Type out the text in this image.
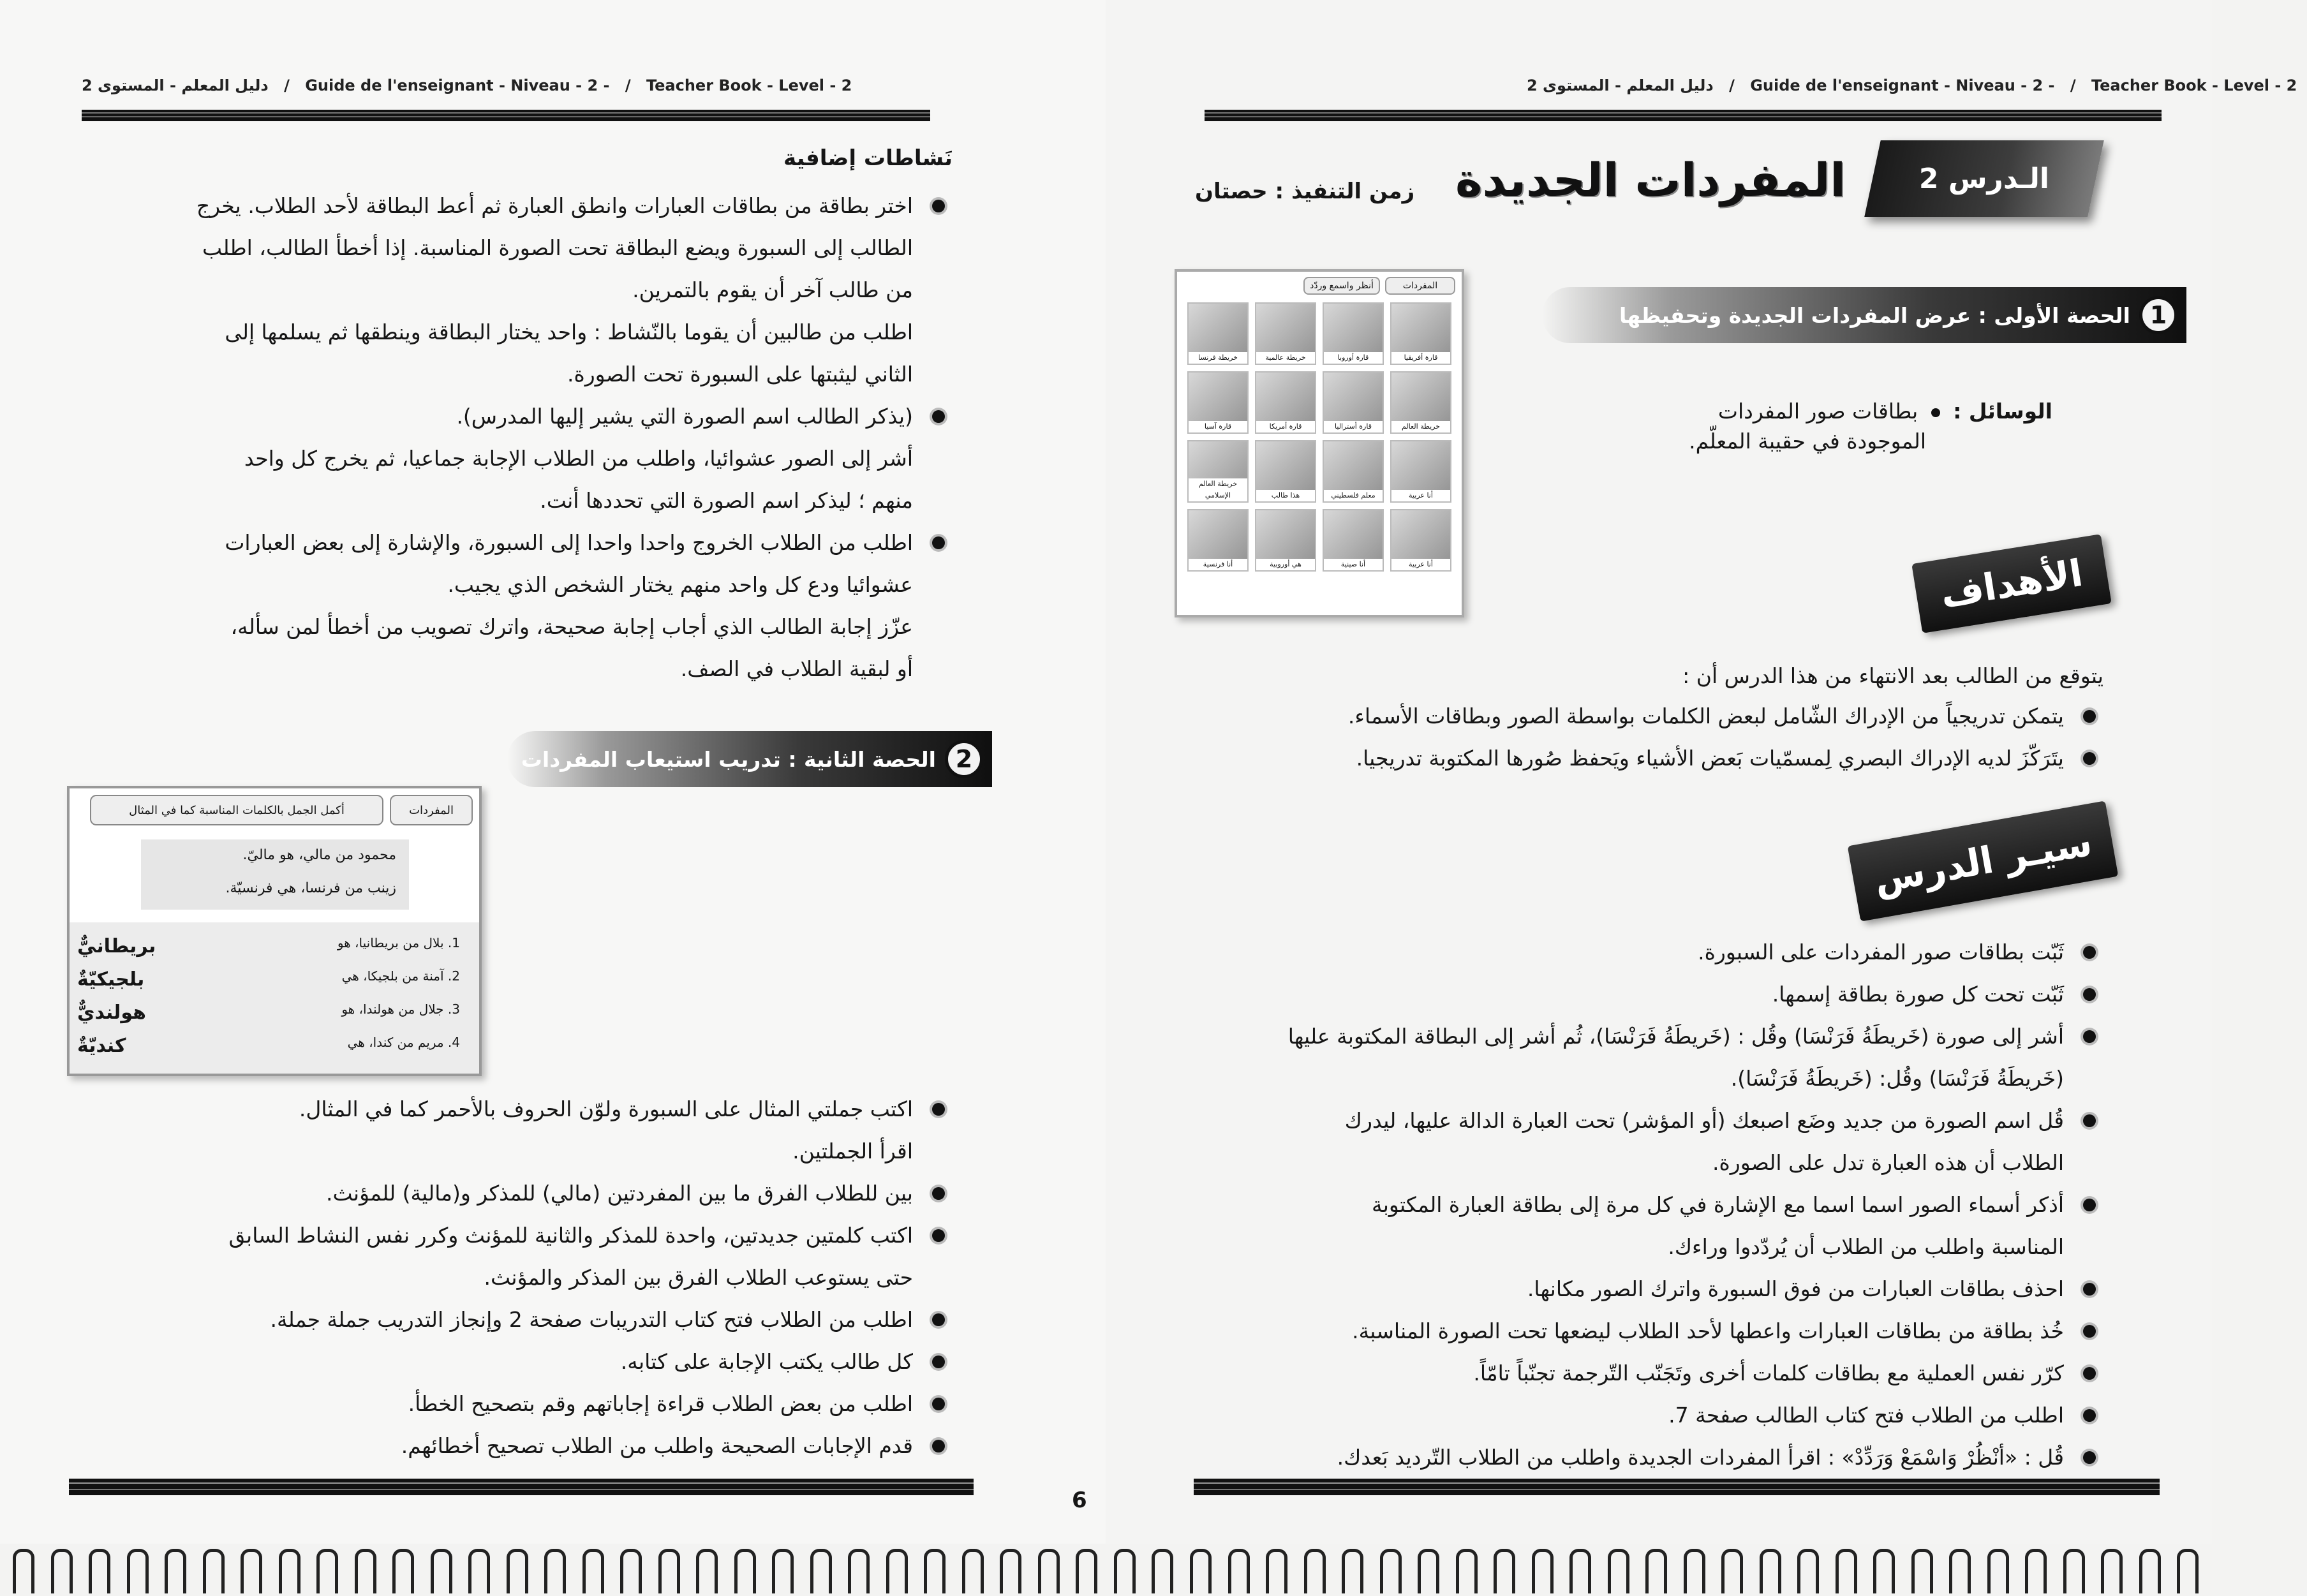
دليل المعلم - المستوى 2 / Guide de l'enseignant - Niveau - 2 - / Teacher Book - Level - 2
نَشاطات إضافية
اختر بطاقة من بطاقات العبارات وانطق العبارة ثم أعط البطاقة لأحد الطلاب. يخرج
الطالب إلى السبورة ويضع البطاقة تحت الصورة المناسبة. إذا أخطأ الطالب، اطلب
من طالب آخر أن يقوم بالتمرين.
اطلب من طالبين أن يقوما بالنّشاط : واحد يختار البطاقة وينطقها ثم يسلمها إلى
الثاني ليثبتها على السبورة تحت الصورة.
(يذكر الطالب اسم الصورة التي يشير إليها المدرس).
أشر إلى الصور عشوائيا، واطلب من الطلاب الإجابة جماعيا، ثم يخرج كل واحد
منهم ؛ ليذكر اسم الصورة التي تحددها أنت.
اطلب من الطلاب الخروج واحدا واحدا إلى السبورة، والإشارة إلى بعض العبارات
عشوائيا ودع كل واحد منهم يختار الشخص الذي يجيب.
عزّز إجابة الطالب الذي أجاب إجابة صحيحة، واترك تصويب من أخطأ لمن سأله،
أو لبقية الطلاب في الصف.
2
الحصة الثانية : تدريب استيعاب المفردات
المفردات
أكمل الجمل بالكلمات المناسبة كما في المثال
محمود من مالي، هو ماليّ.
زينب من فرنسا، هي فرنسيّة.
1. بلال من بريطانيا، هو
بريطانيٌّ
2. آمنة من بلجيكا، هي
بلجيكيّةٌ
3. جلال من هولندا، هو
هولنديٌّ
4. مريم من كندا، هي
كنديّةٌ
اكتب جملتي المثال على السبورة ولوّن الحروف بالأحمر كما في المثال.
اقرأ الجملتين.
بين للطلاب الفرق ما بين المفردتين (مالي) للمذكر و(مالية) للمؤنث.
اكتب كلمتين جديدتين، واحدة للمذكر والثانية للمؤنث وكرر نفس النشاط السابق
حتى يستوعب الطلاب الفرق بين المذكر والمؤنث.
اطلب من الطلاب فتح كتاب التدريبات صفحة 2 وإنجاز التدريب جملة جملة.
كل طالب يكتب الإجابة على كتابه.
اطلب من بعض الطلاب قراءة إجاباتهم وقم بتصحيح الخطأ.
قدم الإجابات الصحيحة واطلب من الطلاب تصحيح أخطائهم.
6
دليل المعلم - المستوى 2 / Guide de l'enseignant - Niveau - 2 - / Teacher Book - Level - 2
الـدرس 2
المفردات الجديدة
زمن التنفيذ : حصتان
1
الحصة الأولى : عرض المفردات الجديدة وتحفيظها
المفردات
أنظر واسمع وردّد
خريطة فرنسا	خريطة عالمية	قارة أوروبا	قارة أفريقيا
قارة آسيا	قارة أمريكا	قارة أستراليا	خريطة العالم
خريطة العالم الإسلامي	هذا طالب	معلم فلسطيني	أنا عربية
أنا فرنسية	هي أوروبية	أنا صينية	أنا عربية
الوسائل :  بطاقات صور المفردات
الموجودة في حقيبة المعلّم.
الأهداف
يتوقع من الطالب بعد الانتهاء من هذا الدرس أن :
يتمكن تدريجياً من الإدراك الشّامل لبعض الكلمات بواسطة الصور وبطاقات الأسماء.
يتَرَكّزَ لديه الإدراك البصري لِمسمّيات بَعض الأشياء ويَحفظ صُورها المكتوبة تدريجيا.
سيـر الدرس
ثَبّت بطاقات صور المفردات على السبورة.
ثَبّت تحت كل صورة بطاقة إسمها.
أشر إلى صورة (خَريطَةُ فَرَنْسَا) وقُل : (خَريطَةُ فَرَنْسَا)، ثُم أشر إلى البطاقة المكتوبة عليها
(خَريطَةُ فَرَنْسَا) وقُل: (خَريطَةُ فَرَنْسَا).
قُل اسم الصورة من جديد وضَع اصبعك (أو المؤشر) تحت العبارة الدالة عليها، ليدرك
الطلاب أن هذه العبارة تدل على الصورة.
أذكر أسماء الصور اسما اسما مع الإشارة في كل مرة إلى بطاقة العبارة المكتوبة
المناسبة واطلب من الطلاب أن يُردّدوا وراءك.
احذف بطاقات العبارات من فوق السبورة واترك الصور مكانها.
خُذ بطاقة من بطاقات العبارات واعطها لأحد الطلاب ليضعها تحت الصورة المناسبة.
كرّر نفس العملية مع بطاقات كلمات أخرى وتَجَنّب التّرجمة تجنّباً تامّاً.
اطلب من الطلاب فتح كتاب الطالب صفحة 7.
قُل : «أنْظُرْ وَاسْمَعْ وَرَدِّدْ» : اقرأ المفردات الجديدة واطلب من الطلاب التّرديد بَعدك.
